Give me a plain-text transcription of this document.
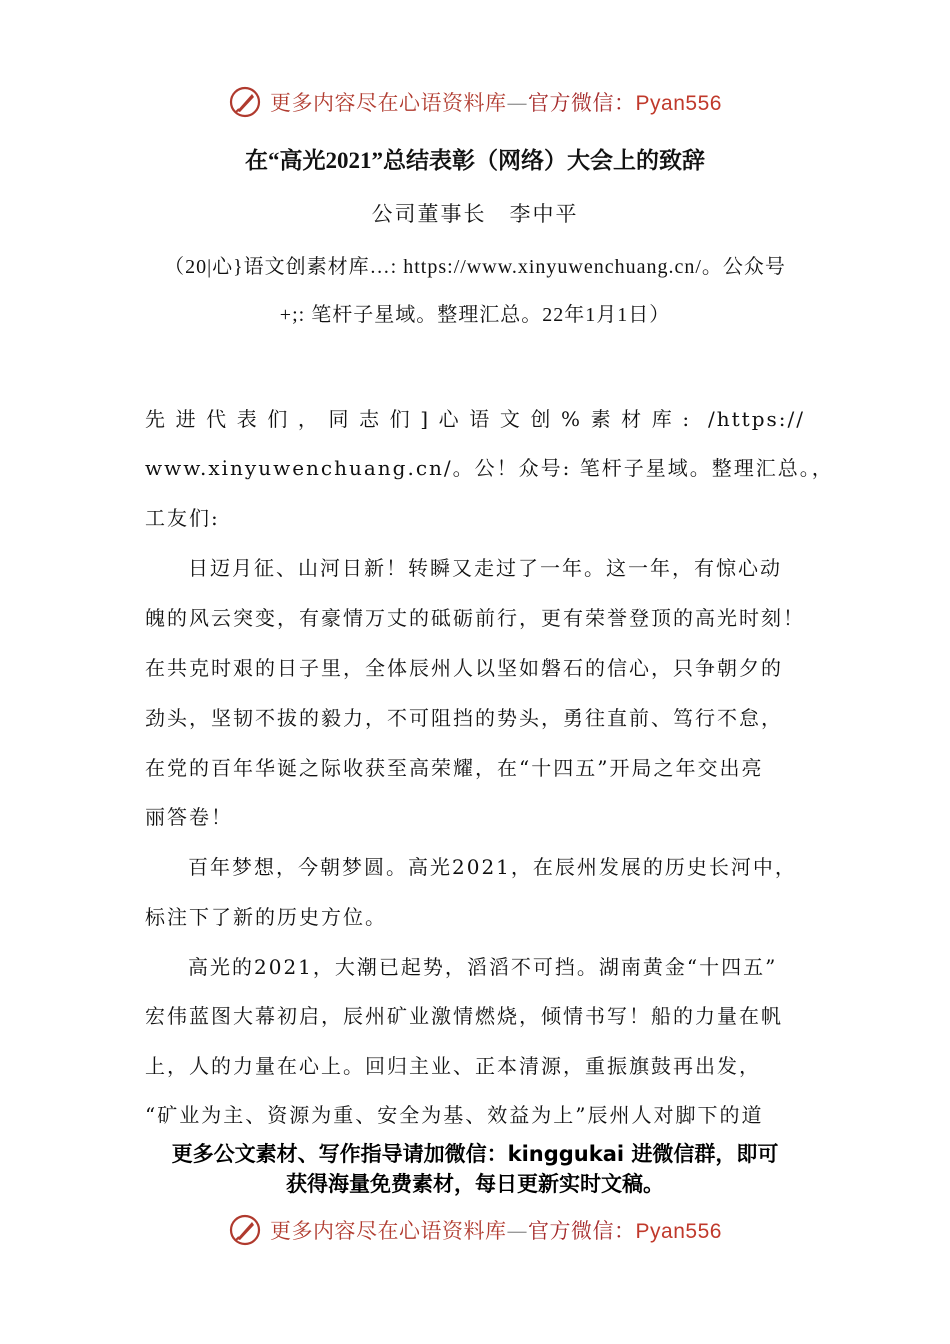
更多内容尽在心语资料库—官方微信：Pyan556
在“高光2021”总结表彰（网络）大会上的致辞
公司董事长　李中平
（20|心}语文创素材库…: https://www.xinyuwenchuang.cn/。公众号
+;: 笔杆子星域。整理汇总。22年1月1日）
先进代表们，同志们]心语文创%素材库: /https://
www.xinyuwenchuang.cn/。公！众号: 笔杆子星域。整理汇总。，
工友们:
日迈月征、山河日新！转瞬又走过了一年。这一年，有惊心动
魄的风云突变，有豪情万丈的砥砺前行，更有荣誉登顶的高光时刻！
在共克时艰的日子里，全体辰州人以坚如磐石的信心，只争朝夕的
劲头，坚韧不拔的毅力，不可阻挡的势头，勇往直前、笃行不怠，
在党的百年华诞之际收获至高荣耀，在“十四五”开局之年交出亮
丽答卷！
百年梦想，今朝梦圆。高光2021，在辰州发展的历史长河中，
标注下了新的历史方位。
高光的2021，大潮已起势，滔滔不可挡。湖南黄金“十四五”
宏伟蓝图大幕初启，辰州矿业激情燃烧，倾情书写！船的力量在帆
上，人的力量在心上。回归主业、正本清源，重振旗鼓再出发，
“矿业为主、资源为重、安全为基、效益为上”辰州人对脚下的道
更多公文素材、写作指导请加微信：kinggukai 进微信群，即可
获得海量免费素材，每日更新实时文稿。
更多内容尽在心语资料库—官方微信：Pyan556
